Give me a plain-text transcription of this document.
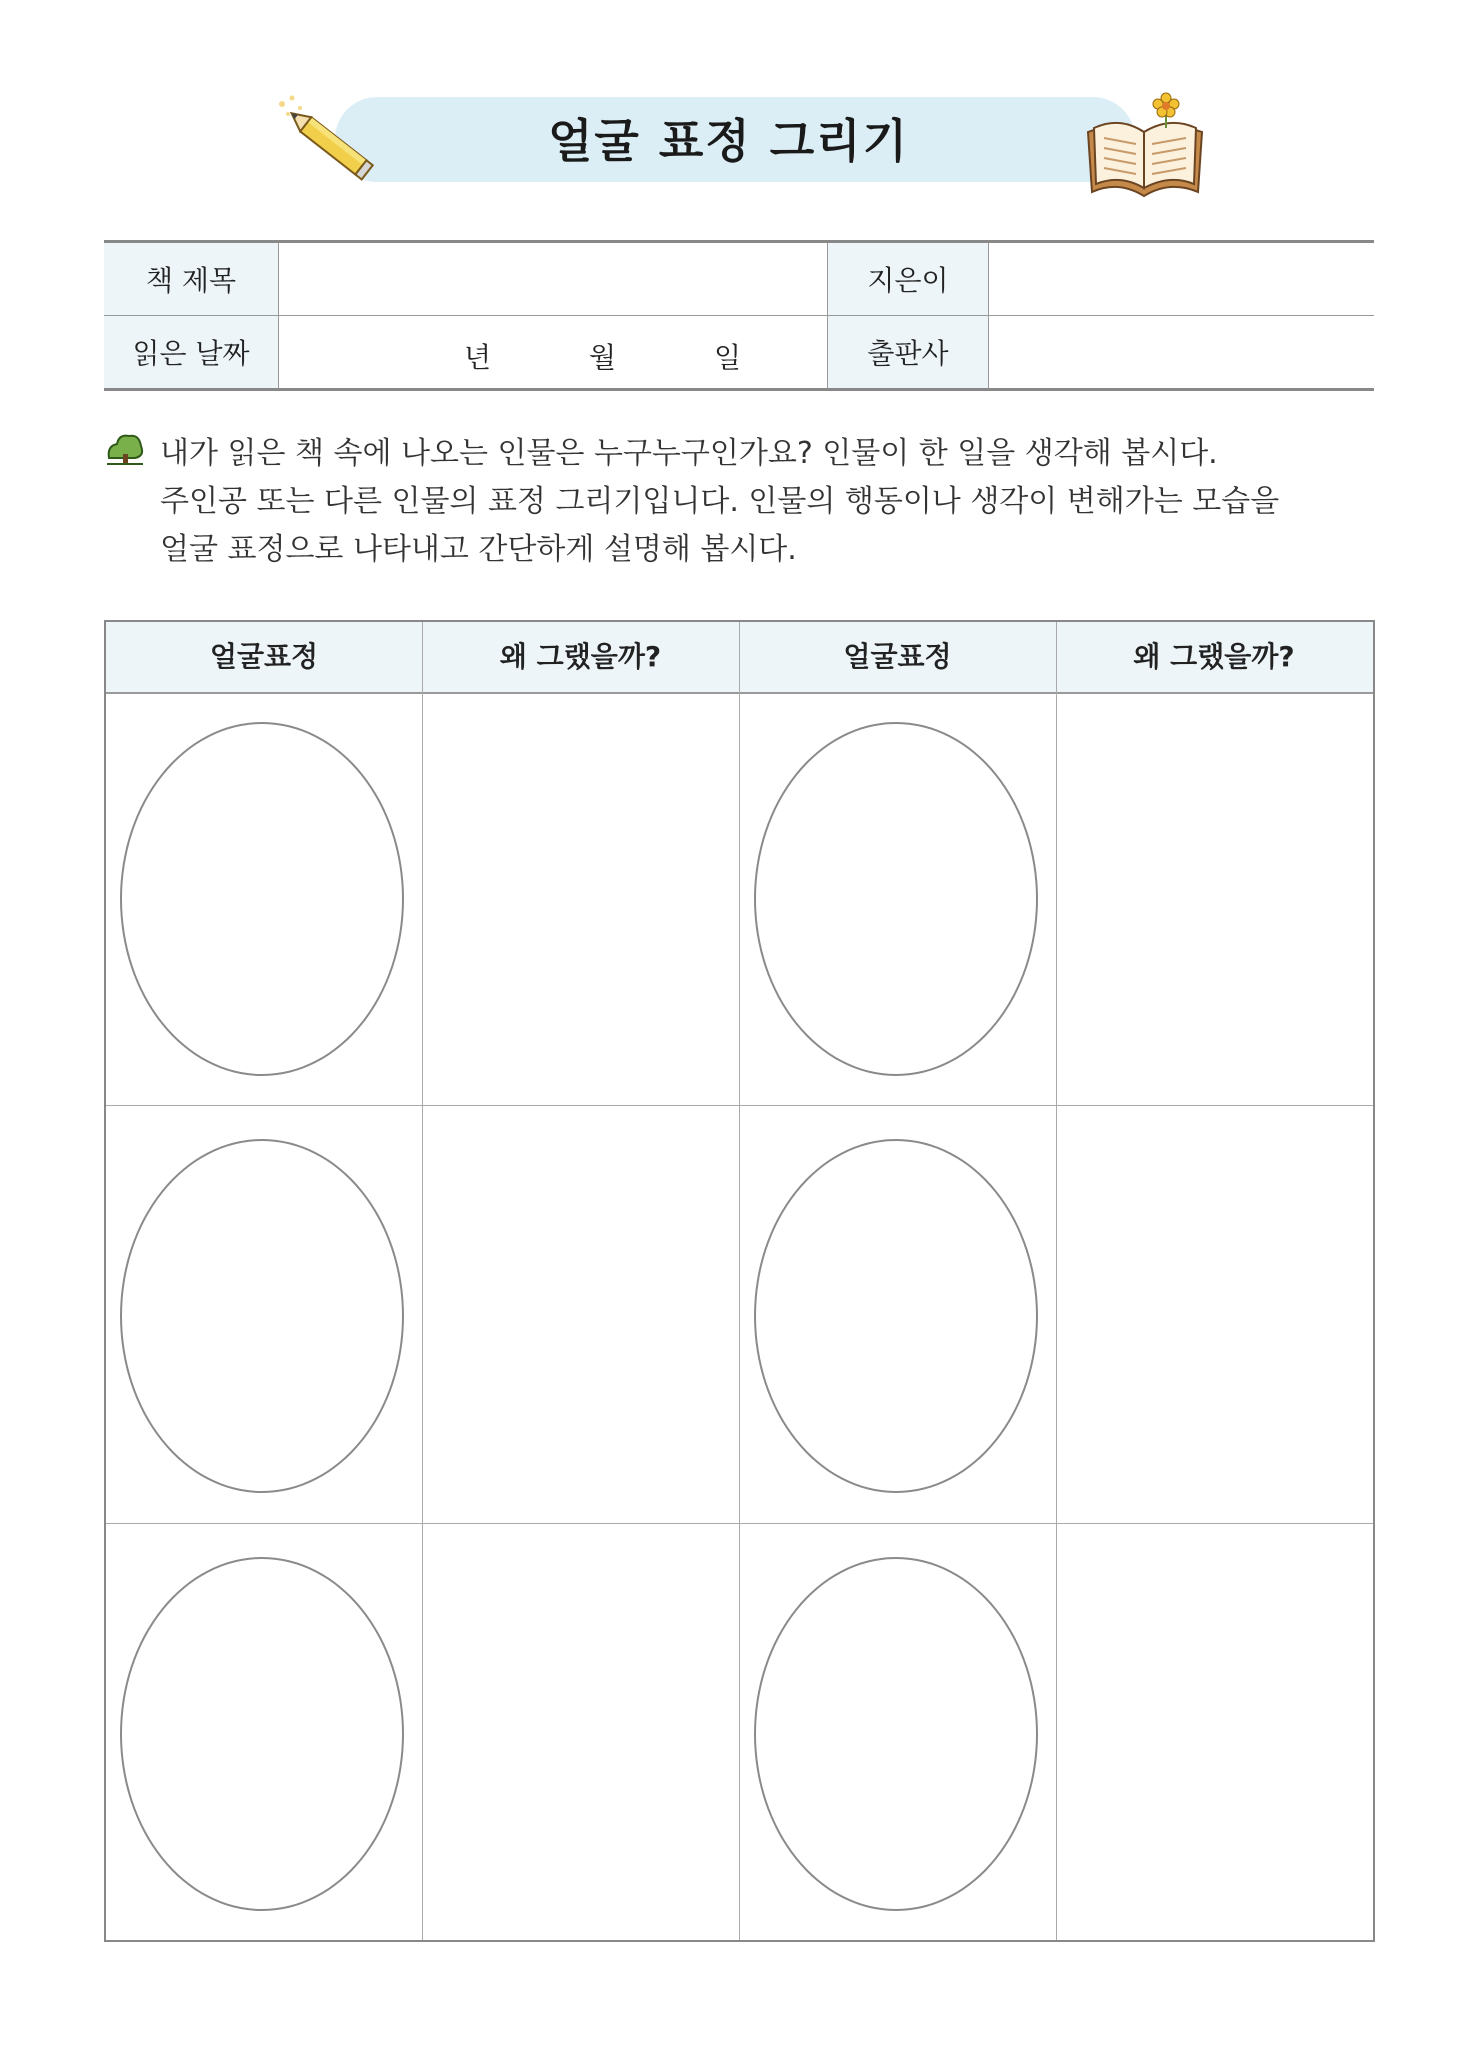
얼굴 표정 그리기
책 제목		지은이	
읽은 날짜	년 월 일	출판사	
내가 읽은 책 속에 나오는 인물은 누구누구인가요? 인물이 한 일을 생각해 봅시다.
주인공 또는 다른 인물의 표정 그리기입니다. 인물의 행동이나 생각이 변해가는 모습을
얼굴 표정으로 나타내고 간단하게 설명해 봅시다.
얼굴표정	왜 그랬을까?	얼굴표정	왜 그랬을까?
